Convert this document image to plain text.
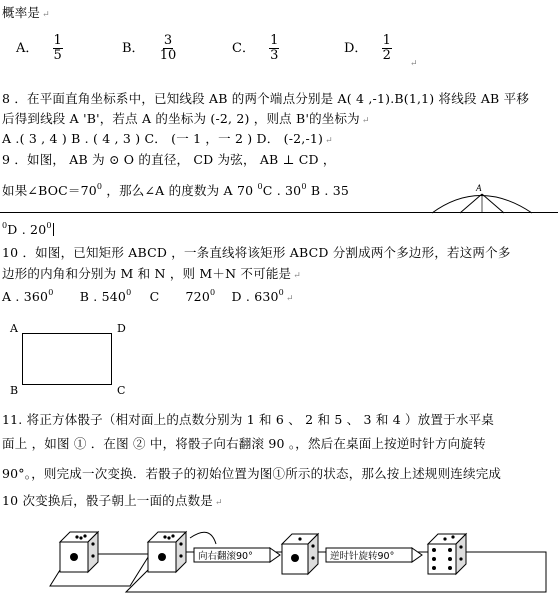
概率是 ↵
A． $\frac{1}{5}$	B． $\frac{3}{10}$	C． $\frac{1}{3}$	D． $\frac{1}{2}$
$_↵$
8 ．在平面直角坐标系中，已知线段 AB 的两个端点分别是 A( 4 ,-1).B(1,1) 将线段 AB 平移
后得到线段 A 'B'，若点 A 的坐标为 (-2, 2) ，则点 B'的坐标为 ↵
A .( 3 , 4 ) B . ( 4 , 3 ) C． (一 1 ，一 2 ) D． (-2,-1) ↵
9 ．如图， AB 为 ⊙ O 的直径， CD 为弦， AB ⊥ CD ，
如果$\angle BOC=70^0$ ，那么∠A 的度数为 A 70 $^0$C . $30^0$ B . 35	A
$^0$D . $20^0$
10 ．如图，已知矩形 ABCD ，一条直线将该矩形 ABCD 分割成两个多边形，若这两个多
边形的内角和分别为 M 和 N ，则 M＋N 不可能是 ↵
A . $360^0$ B . $540^0$ C $720^0$ D . $630^0↵$
A	D
B	C
11. 将正方体骰子（相对面上的点数分别为 1 和 6 、 2 和 5 、 3 和 4 ）放置于水平桌
面上 ，如图 ① ．在图 ② 中，将骰子向右翻滚 90 。，然后在桌面上按逆时针方向旋转
90°。，则完成一次变换．若骰子的初始位置为图①所示的状态，那么按上述规则连续完成
10 次变换后，骰子朝上一面的点数是 ↵
向右翻滚90°	逆时针旋转90°
